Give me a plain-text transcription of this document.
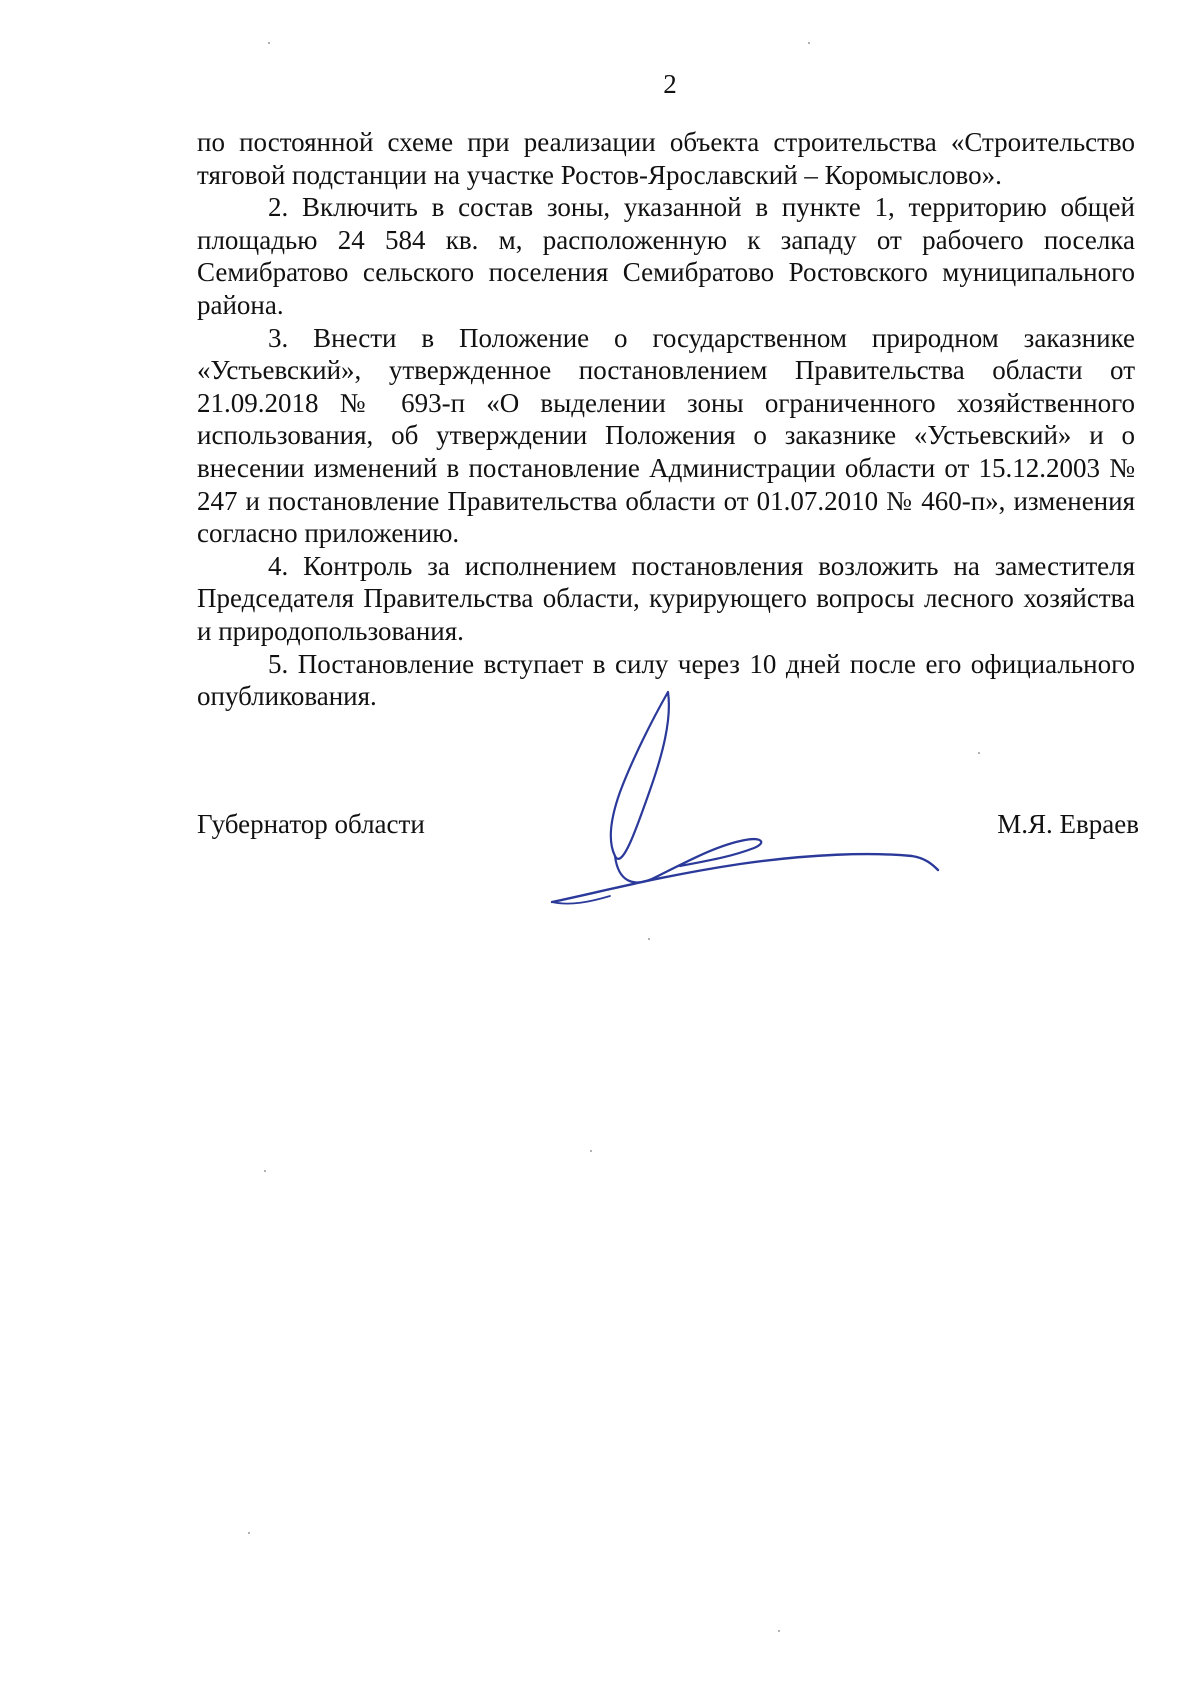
2

по постоянной схеме при реализации объекта строительства «Строительство тяговой подстанции на участке Ростов-Ярославский – Коромыслово».

2. Включить в состав зоны, указанной в пункте 1, территорию общей площадью 24 584 кв. м, расположенную к западу от рабочего поселка Семибратово сельского поселения Семибратово Ростовского муниципального района.

3. Внести в Положение о государственном природном заказнике «Устьевский», утвержденное постановлением Правительства области от 21.09.2018 № 693-п «О выделении зоны ограниченного хозяйственного использования, об утверждении Положения о заказнике «Устьевский» и о внесении изменений в постановление Администрации области от 15.12.2003 № 247 и постановление Правительства области от 01.07.2010 № 460-п», изменения согласно приложению.

4. Контроль за исполнением постановления возложить на заместителя Председателя Правительства области, курирующего вопросы лесного хозяйства и природопользования.

5. Постановление вступает в силу через 10 дней после его официального опубликования.

Губернатор области	М.Я. Евраев
